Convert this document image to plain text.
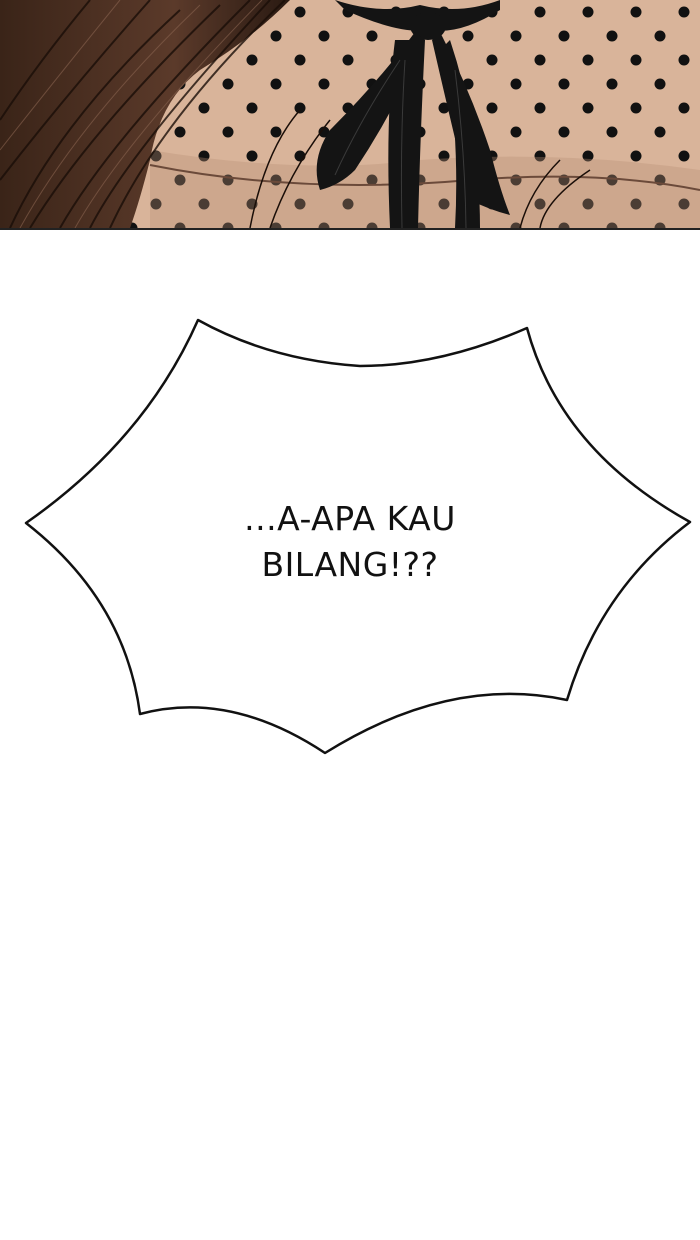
...A-APA KAU
BILANG!??
